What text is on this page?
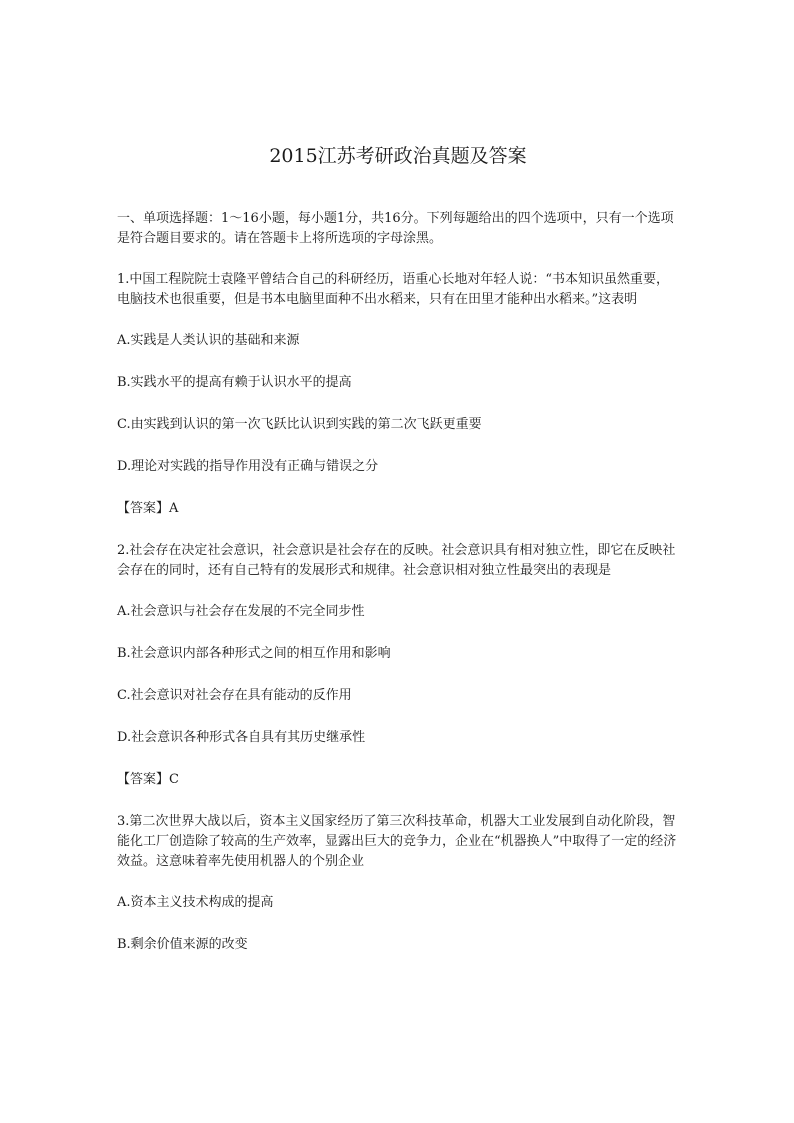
2015江苏考研政治真题及答案

一、单项选择题：1～16小题，每小题1分，共16分。下列每题给出的四个选项中，只有一个选项是符合题目要求的。请在答题卡上将所选项的字母涂黑。

1.中国工程院院士袁隆平曾结合自己的科研经历，语重心长地对年轻人说：“书本知识虽然重要，电脑技术也很重要，但是书本电脑里面种不出水稻来，只有在田里才能种出水稻来。”这表明

A.实践是人类认识的基础和来源

B.实践水平的提高有赖于认识水平的提高

C.由实践到认识的第一次飞跃比认识到实践的第二次飞跃更重要

D.理论对实践的指导作用没有正确与错误之分

【答案】A

2.社会存在决定社会意识，社会意识是社会存在的反映。社会意识具有相对独立性，即它在反映社会存在的同时，还有自己特有的发展形式和规律。社会意识相对独立性最突出的表现是

A.社会意识与社会存在发展的不完全同步性

B.社会意识内部各种形式之间的相互作用和影响

C.社会意识对社会存在具有能动的反作用

D.社会意识各种形式各自具有其历史继承性

【答案】C

3.第二次世界大战以后，资本主义国家经历了第三次科技革命，机器大工业发展到自动化阶段，智能化工厂创造除了较高的生产效率，显露出巨大的竞争力，企业在“机器换人”中取得了一定的经济效益。这意味着率先使用机器人的个别企业

A.资本主义技术构成的提高

B.剩余价值来源的改变
